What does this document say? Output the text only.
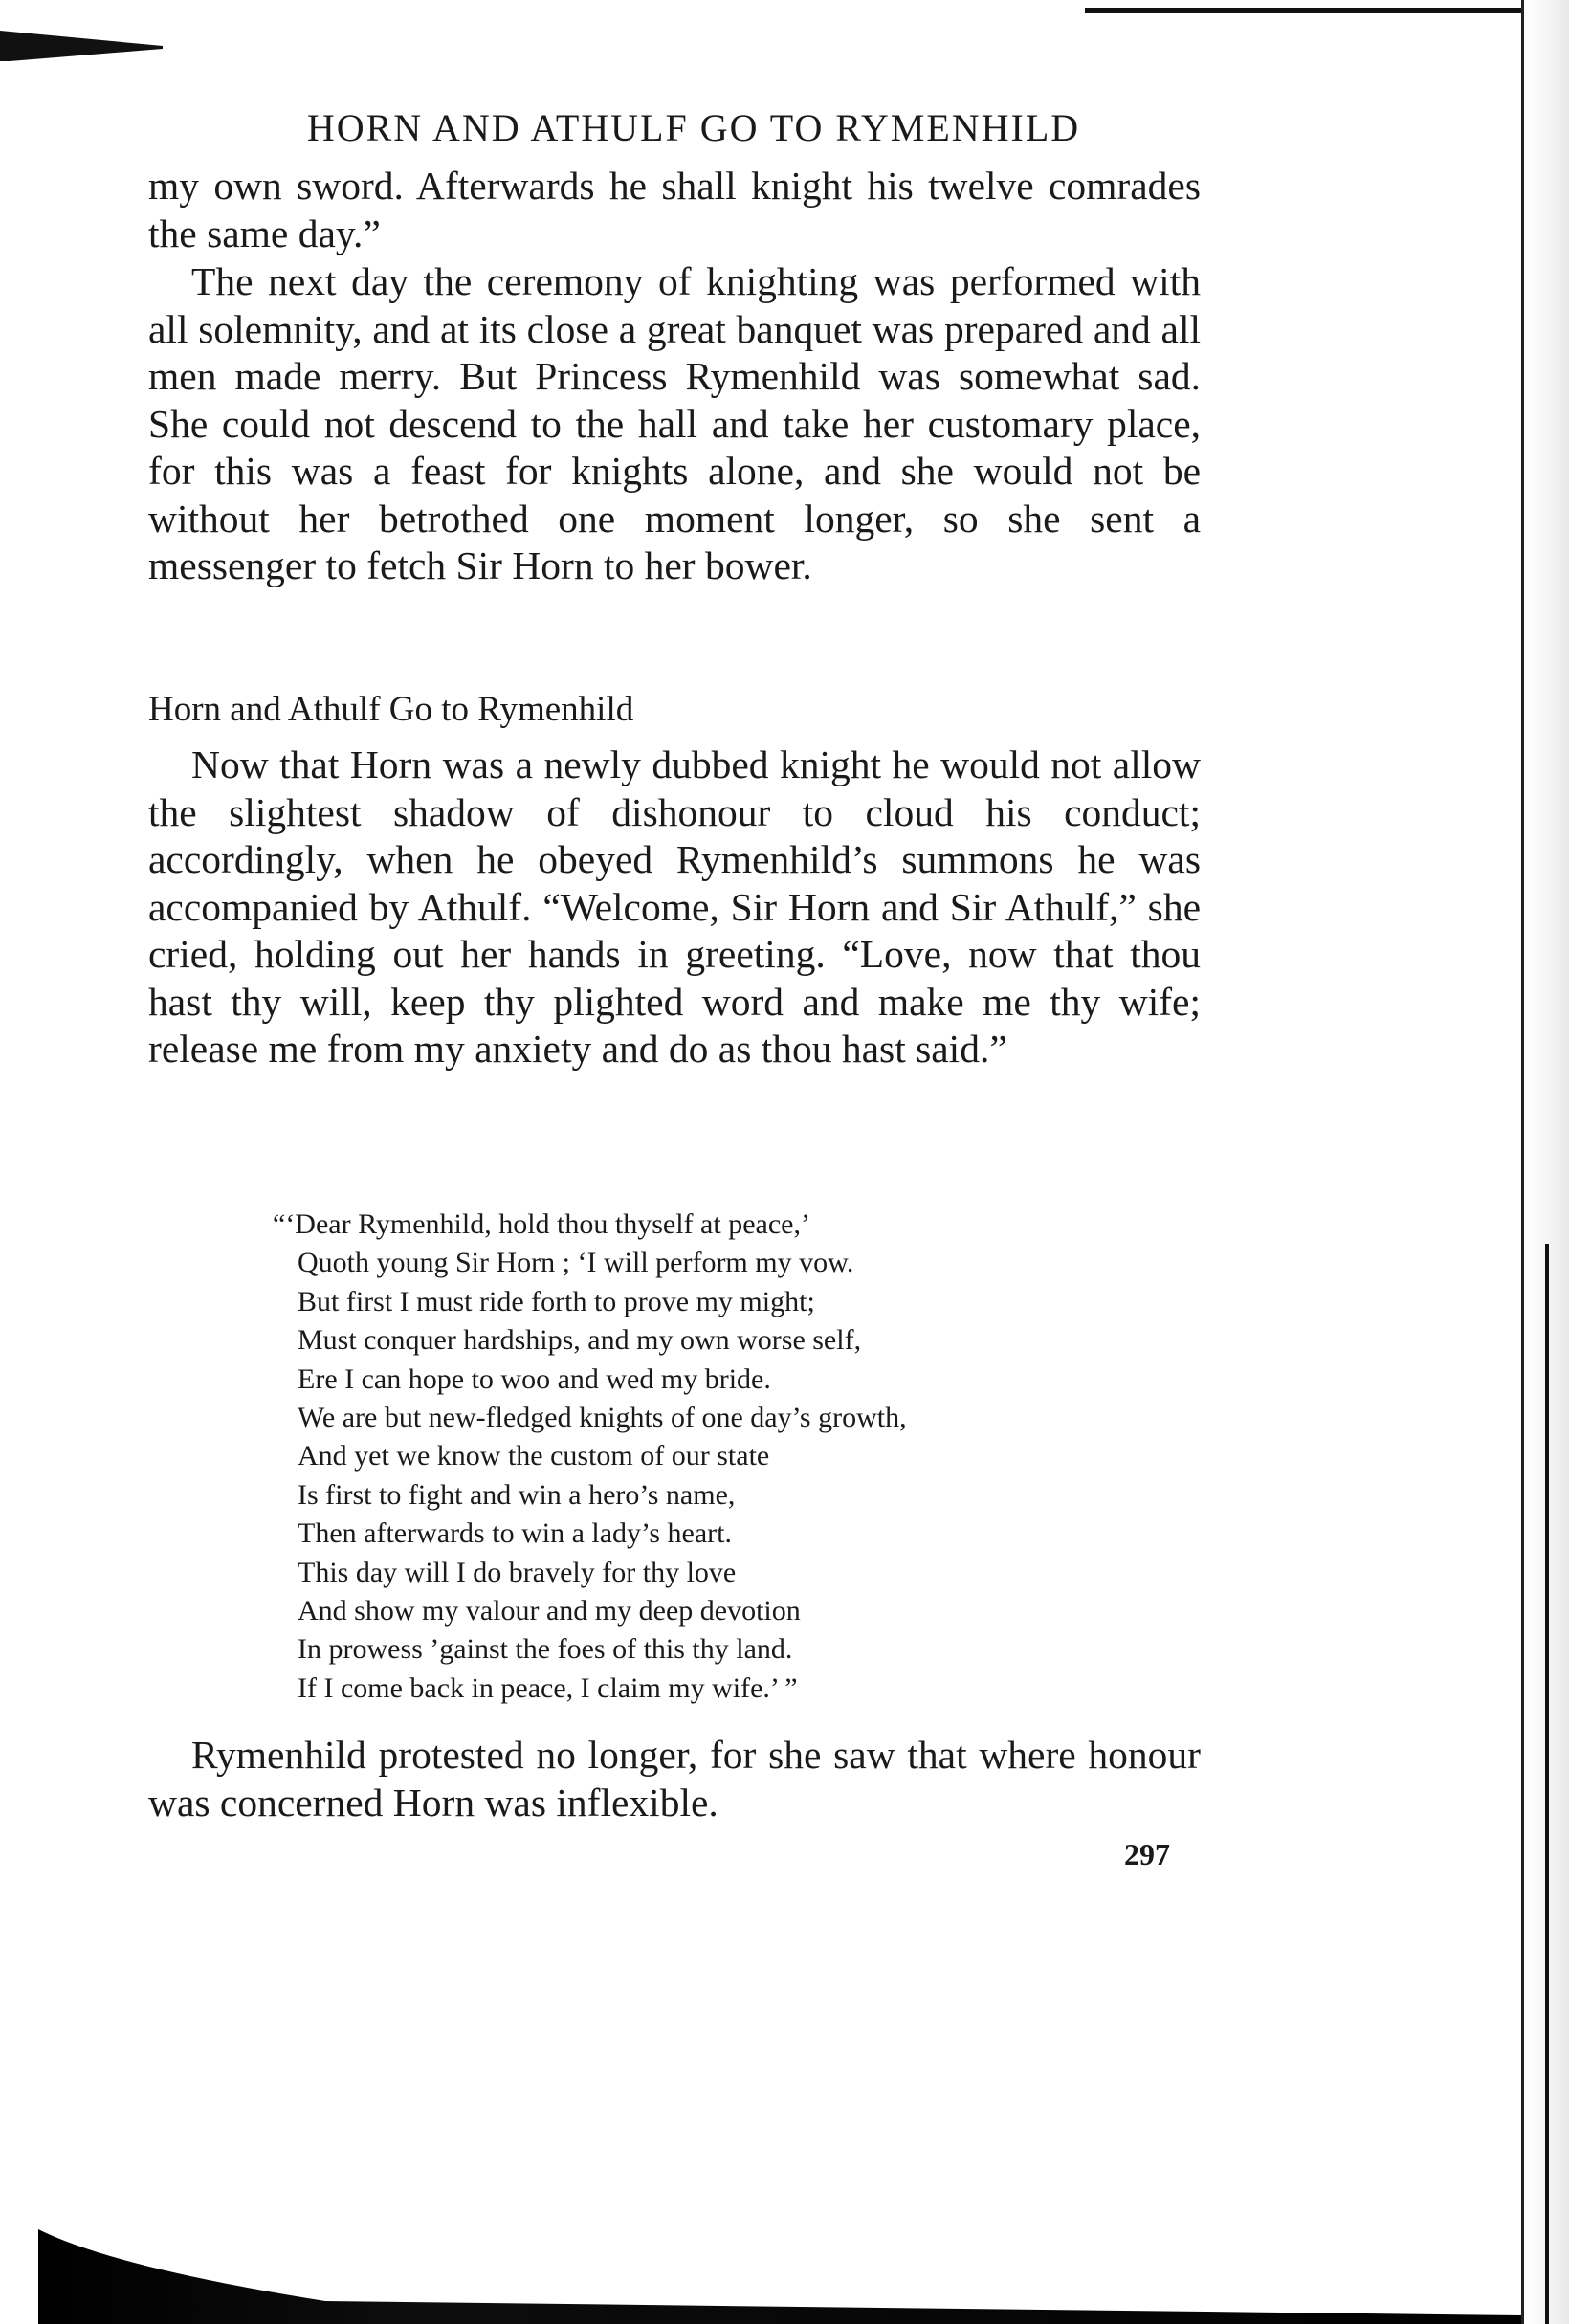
HORN AND ATHULF GO TO RYMENHILD

my own sword. Afterwards he shall knight his twelve comrades the same day.”

The next day the ceremony of knighting was performed with all solemnity, and at its close a great banquet was prepared and all men made merry. But Princess Rymenhild was somewhat sad. She could not descend to the hall and take her customary place, for this was a feast for knights alone, and she would not be without her betrothed one moment longer, so she sent a messenger to fetch Sir Horn to her bower.

Horn and Athulf Go to Rymenhild

Now that Horn was a newly dubbed knight he would not allow the slightest shadow of dishonour to cloud his conduct; accordingly, when he obeyed Rymenhild’s summons he was accompanied by Athulf. “Welcome, Sir Horn and Sir Athulf,” she cried, holding out her hands in greeting. “Love, now that thou hast thy will, keep thy plighted word and make me thy wife; release me from my anxiety and do as thou hast said.”

“‘Dear Rymenhild, hold thou thyself at peace,’
Quoth young Sir Horn ; ‘I will perform my vow.
But first I must ride forth to prove my might;
Must conquer hardships, and my own worse self,
Ere I can hope to woo and wed my bride.
We are but new-fledged knights of one day’s growth,
And yet we know the custom of our state
Is first to fight and win a hero’s name,
Then afterwards to win a lady’s heart.
This day will I do bravely for thy love
And show my valour and my deep devotion
In prowess ’gainst the foes of this thy land.
If I come back in peace, I claim my wife.’ ”

Rymenhild protested no longer, for she saw that where honour was concerned Horn was inflexible.

297
